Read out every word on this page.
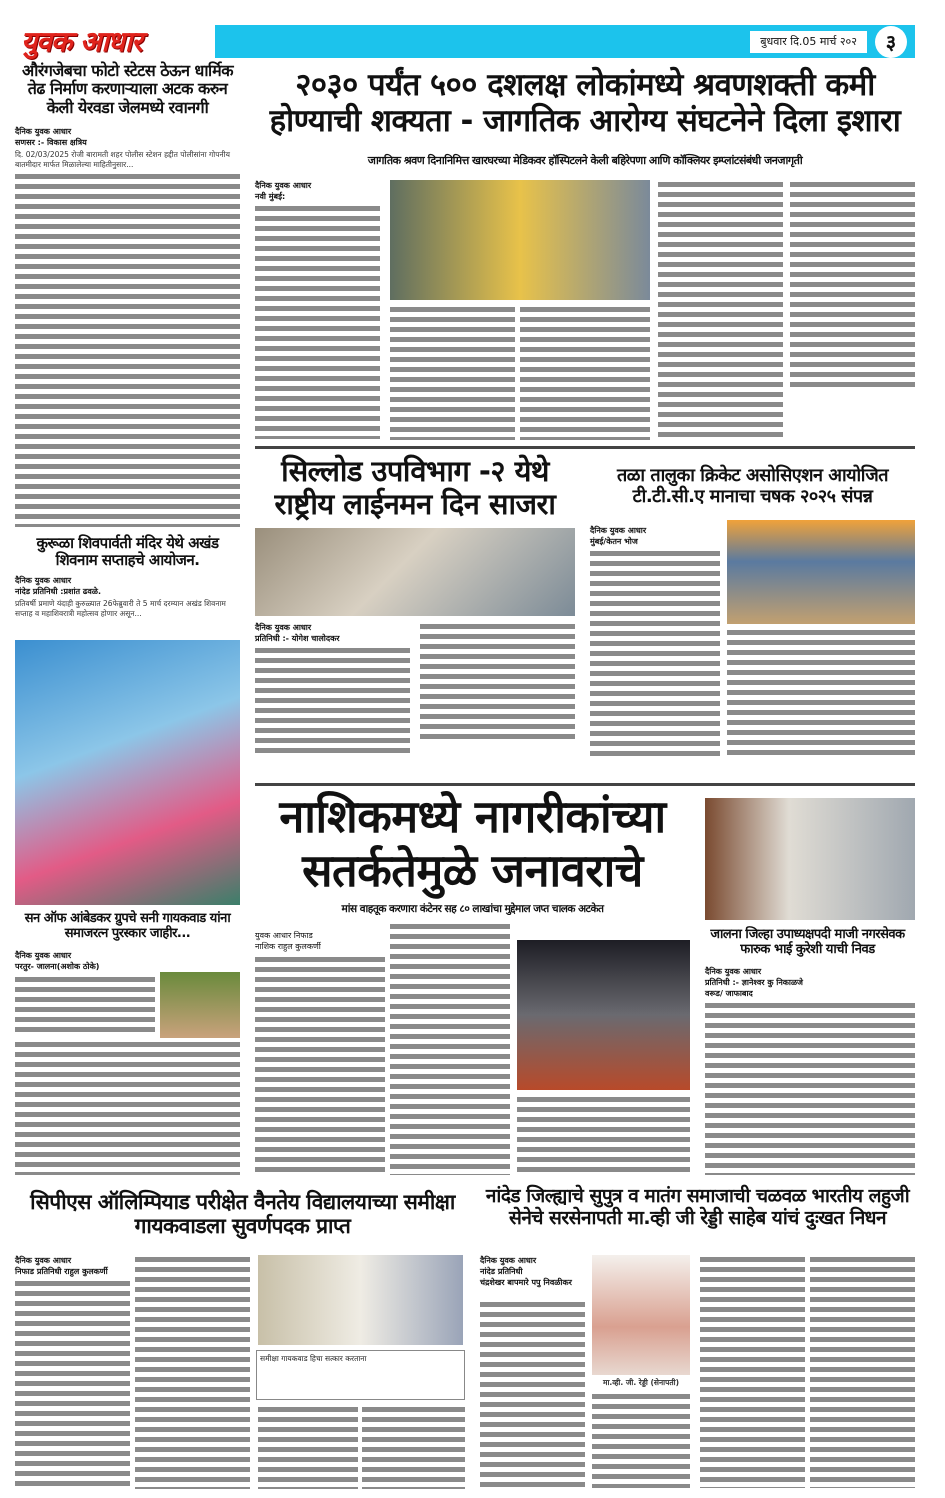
युवक आधार	बुधवार दि.05 मार्च २०२	३
औरंगजेबचा फोटो स्टेटस ठेऊन धार्मिक तेढ निर्माण करणाऱ्याला अटक करुन केली येरवडा जेलमध्ये रवानगी
दैनिक युवक आधार
सणसर :- विकास क्षत्रिय
दि. 02/03/2025 रोजी बारामती शहर पोलीस स्टेशन हद्दीत पोलीसांना गोपनीय बातमीदार मार्फत मिळालेल्या माहितीनुसार...
कुरूळा शिवपार्वती मंदिर येथे अखंड शिवनाम सप्ताहचे आयोजन.
दैनिक युवक आधार
नांदेड प्रतिनिधी :प्रशांत ढवळे.
प्रतिवर्षी प्रमाणे यंदाही कुरुळ्यात 26फेब्रुवारी ते 5 मार्च दरम्यान अखंड शिवनाम सप्ताह व महाशिवरात्री महोत्सव होणार असून...
सन ऑफ आंबेडकर ग्रुपचे सनी गायकवाड यांना समाजरत्न पुरस्कार जाहीर...
दैनिक युवक आधार
परतुर- जालना(अशोक ठोके)
२०३० पर्यंत ५०० दशलक्ष लोकांमध्ये श्रवणशक्ती कमी होण्याची शक्यता - जागतिक आरोग्य संघटनेने दिला इशारा
जागतिक श्रवण दिनानिमित्त खारघरच्या मेडिकवर हॉस्पिटलने केली बहिरेपणा आणि कॉक्लियर इम्प्लांटसंबंधी जनजागृती
दैनिक युवक आधार
नवी मुंबई:
सिल्लोड उपविभाग -२ येथे राष्ट्रीय लाईनमन दिन साजरा
दैनिक युवक आधार
प्रतिनिधी :- योगेश चालोदकर
तळा तालुका क्रिकेट असोसिएशन आयोजित टी.टी.सी.ए मानाचा चषक २०२५ संपन्न
दैनिक युवक आधार
मुंबई/केतन भोज
नाशिकमध्ये नागरीकांच्या सतर्कतेमुळे जनावराचे
मांस वाहतूक करणारा कंटेनर सह ८० लाखांचा मुद्देमाल जप्त चालक अटकेत
युवक आधार निफाड
नाशिक राहुल कुलकर्णी
जालना जिल्हा उपाध्यक्षपदी माजी नगरसेवक फारुक भाई कुरेशी याची निवड
दैनिक युवक आधार
प्रतिनिधी :- ज्ञानेश्वर कु निकाळजे
वरूड/ जाफाबाद
सिपीएस ऑलिम्पियाड परीक्षेत वैनतेय विद्यालयाच्या समीक्षा गायकवाडला सुवर्णपदक प्राप्त
दैनिक युवक आधार
निफाड प्रतिनिधी राहुल कुलकर्णी
समीक्षा गायकवाड हिचा सत्कार करताना
नांदेड जिल्ह्याचे सुपुत्र व मातंग समाजाची चळवळ भारतीय लहुजी सेनेचे सरसेनापती मा.व्ही जी रेड्डी साहेब यांचं दुःखत निधन
दैनिक युवक आधार
नांदेड प्रतिनिधी
चंद्रशेखर बापमारे पपु निवळीकर
मा.व्ही. जी. रेड्डी (सेनापती)
